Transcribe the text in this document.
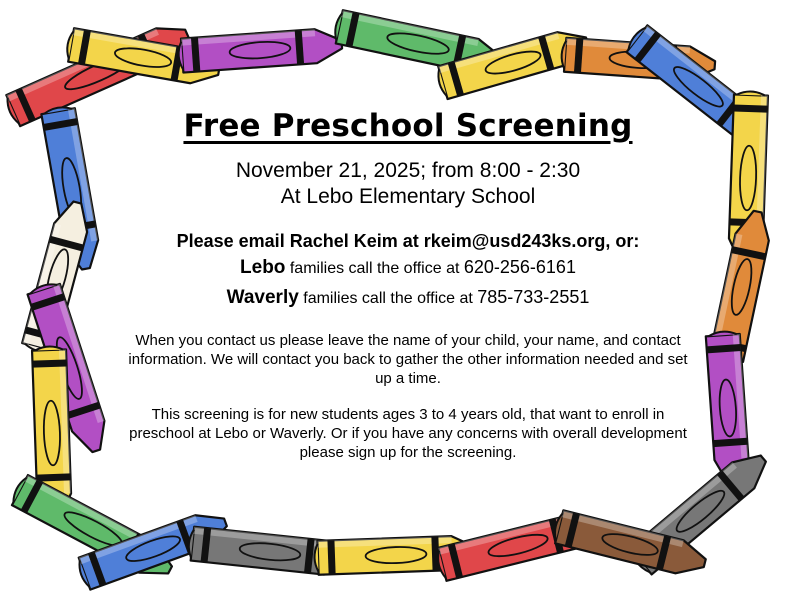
Free Preschool Screening
November 21, 2025; from 8:00 - 2:30
At Lebo Elementary School
Please email Rachel Keim at rkeim@usd243ks.org, or:
Lebo families call the office at 620-256-6161
Waverly families call the office at 785-733-2551
When you contact us please leave the name of your child, your name, and contact information. We will contact you back to gather the other information needed and set up a time.
This screening is for new students ages 3 to 4 years old, that want to enroll in preschool at Lebo or Waverly. Or if you have any concerns with overall development please sign up for the screening.
